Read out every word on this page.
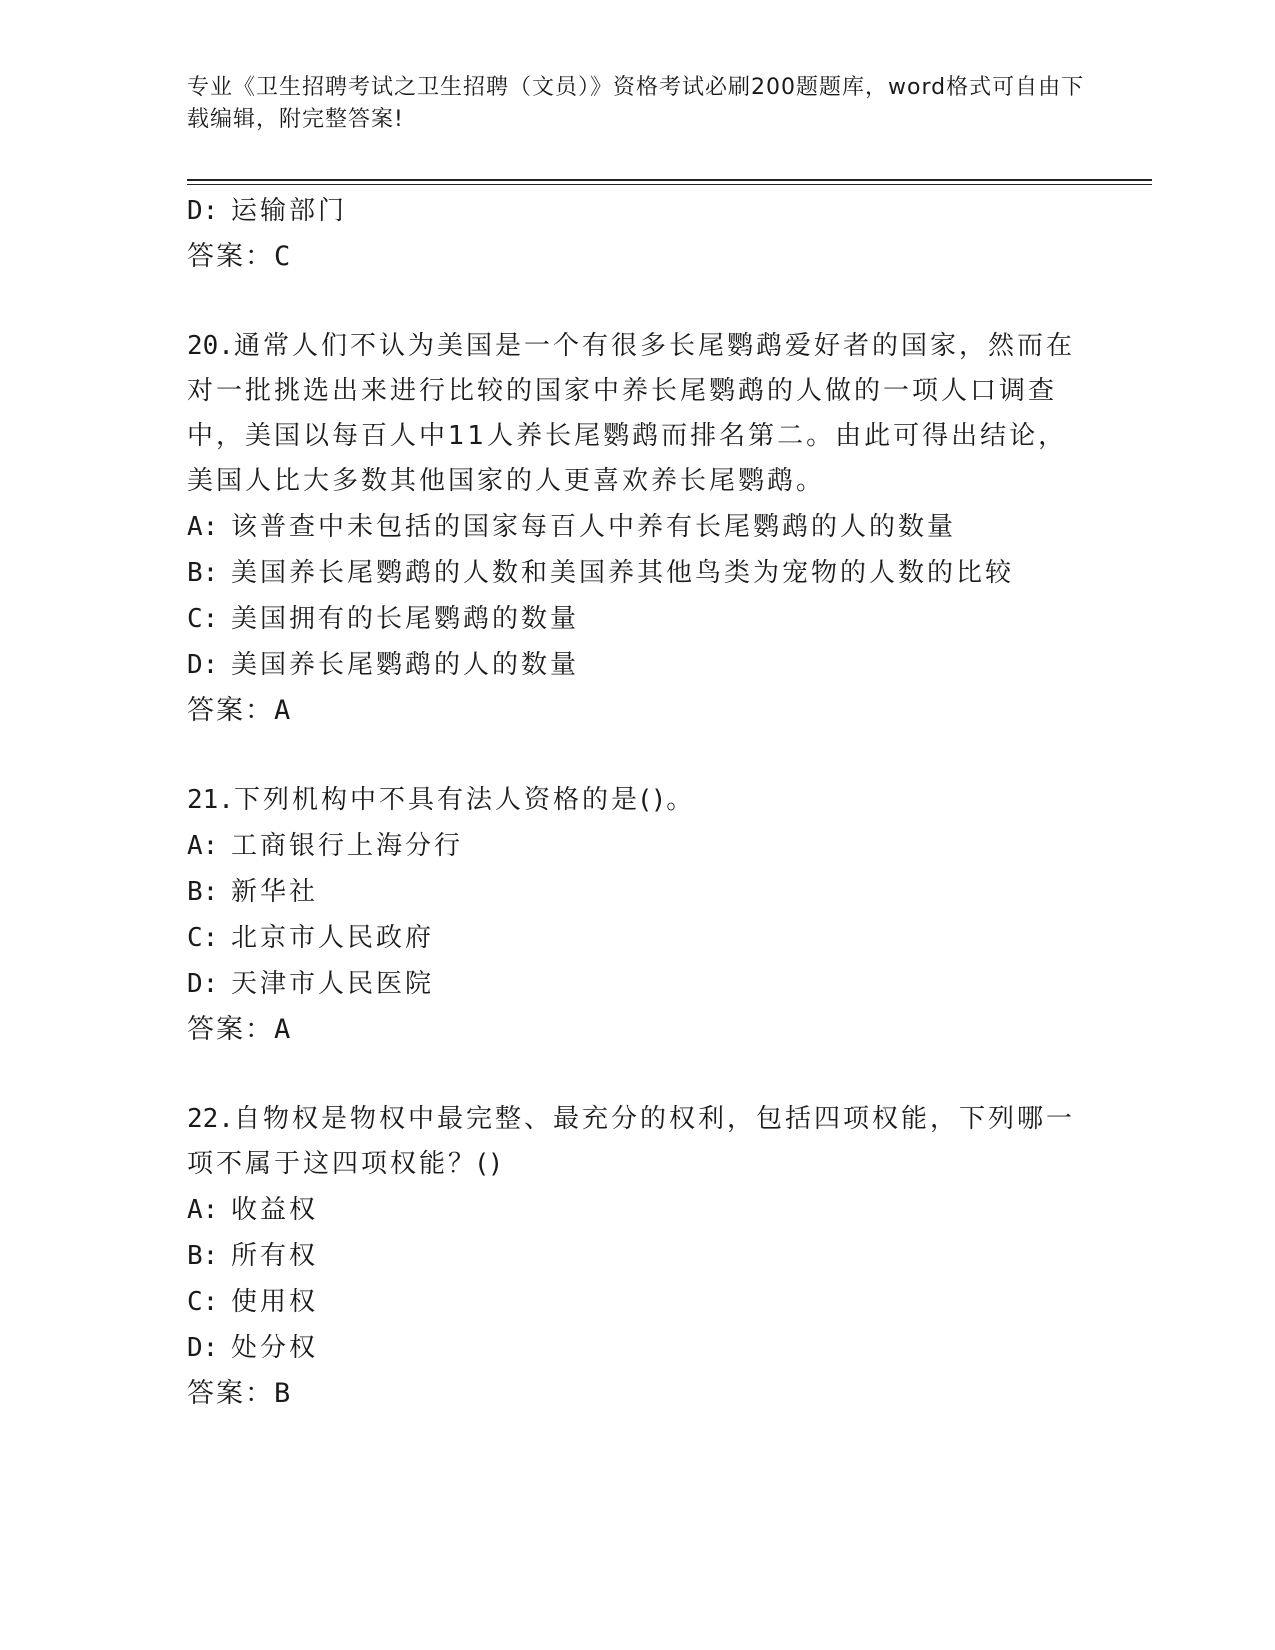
专业《卫生招聘考试之卫生招聘（文员）》资格考试必刷200题题库，word格式可自由下载编辑，附完整答案!
D: 运输部门
答案：C
20.通常人们不认为美国是一个有很多长尾鹦鹉爱好者的国家，然而在对一批挑选出来进行比较的国家中养长尾鹦鹉的人做的一项人口调查中，美国以每百人中11人养长尾鹦鹉而排名第二。由此可得出结论，美国人比大多数其他国家的人更喜欢养长尾鹦鹉。
A: 该普查中未包括的国家每百人中养有长尾鹦鹉的人的数量
B: 美国养长尾鹦鹉的人数和美国养其他鸟类为宠物的人数的比较
C: 美国拥有的长尾鹦鹉的数量
D: 美国养长尾鹦鹉的人的数量
答案：A
21.下列机构中不具有法人资格的是()。
A: 工商银行上海分行
B: 新华社
C: 北京市人民政府
D: 天津市人民医院
答案：A
22.自物权是物权中最完整、最充分的权利，包括四项权能，下列哪一项不属于这四项权能？()
A: 收益权
B: 所有权
C: 使用权
D: 处分权
答案：B
